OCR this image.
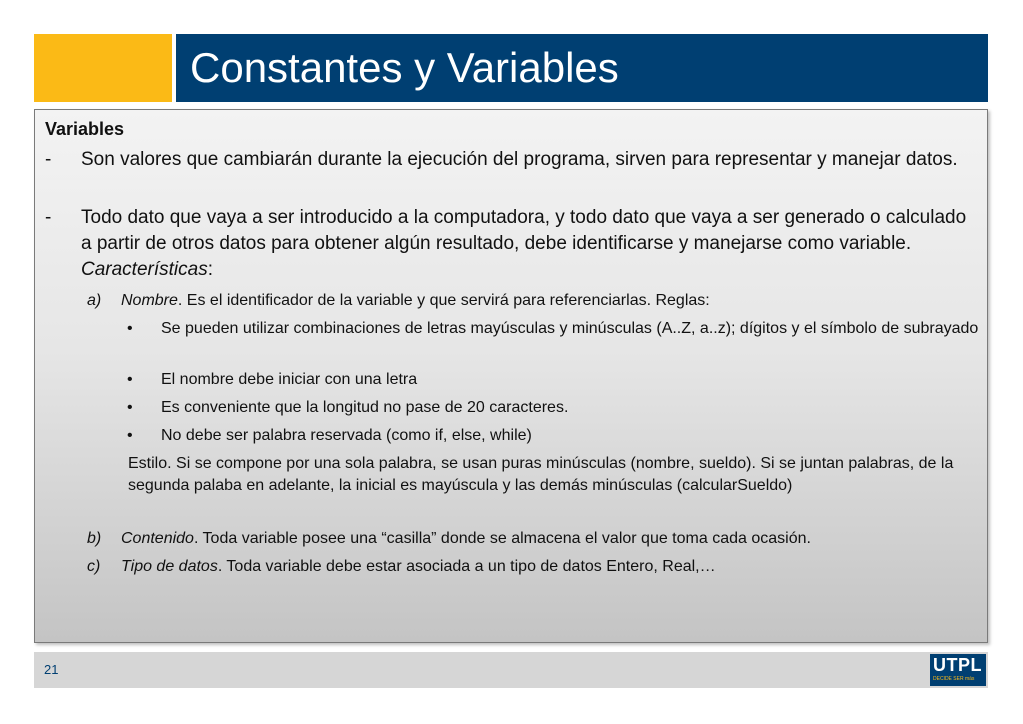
Constantes y Variables
Variables
- Son valores que cambiarán durante la ejecución del programa, sirven para representar y manejar datos.
- Todo dato que vaya a ser introducido a la computadora, y todo dato que vaya a ser generado o calculado a partir de otros datos para obtener algún resultado, debe identificarse y manejarse como variable. Características:
a) Nombre. Es el identificador de la variable y que servirá para referenciarlas. Reglas:
• Se pueden utilizar combinaciones de letras mayúsculas y minúsculas (A..Z, a..z); dígitos y el símbolo de subrayado
• El nombre debe iniciar con una letra
• Es conveniente que la longitud no pase de 20 caracteres.
• No debe ser palabra reservada (como if, else, while)
Estilo. Si se compone por una sola palabra, se usan puras minúsculas (nombre, sueldo). Si se juntan palabras, de la segunda palaba en adelante, la inicial es mayúscula y las demás minúsculas (calcularSueldo)
b) Contenido. Toda variable posee una “casilla” donde se almacena el valor que toma cada ocasión.
c) Tipo de datos. Toda variable debe estar asociada a un tipo de datos Entero, Real,…
21	UTPL
DECIDE SER más
